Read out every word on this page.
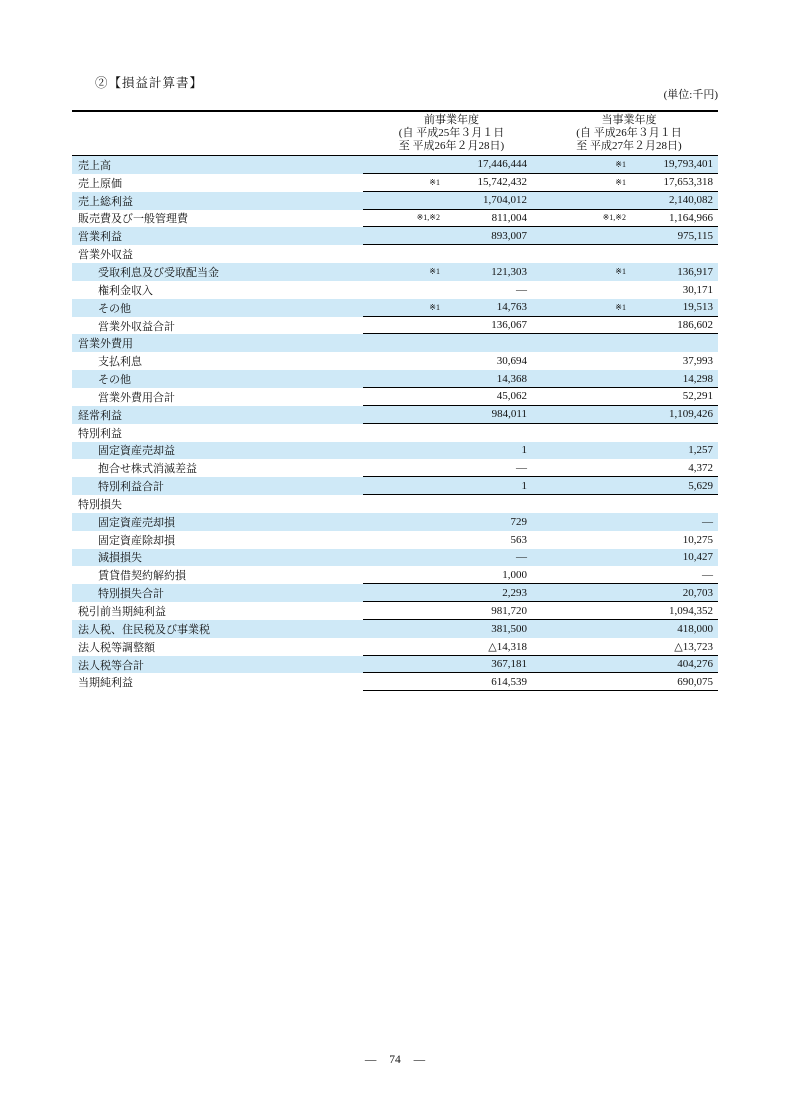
②【損益計算書】
(単位:千円)
前事業年度
(自 平成25年３月１日
至 平成26年２月28日)
当事業年度
(自 平成26年３月１日
至 平成27年２月28日)
売上高	17,446,444	※1	19,793,401
売上原価	※1	15,742,432	※1	17,653,318
売上総利益	1,704,012	2,140,082
販売費及び一般管理費	※1,※2	811,004	※1,※2	1,164,966
営業利益	893,007	975,115
営業外収益
受取利息及び受取配当金	※1	121,303	※1	136,917
権利金収入	—	30,171
その他	※1	14,763	※1	19,513
営業外収益合計	136,067	186,602
営業外費用
支払利息	30,694	37,993
その他	14,368	14,298
営業外費用合計	45,062	52,291
経常利益	984,011	1,109,426
特別利益
固定資産売却益	1	1,257
抱合せ株式消滅差益	—	4,372
特別利益合計	1	5,629
特別損失
固定資産売却損	729	—
固定資産除却損	563	10,275
減損損失	—	10,427
賃貸借契約解約損	1,000	—
特別損失合計	2,293	20,703
税引前当期純利益	981,720	1,094,352
法人税、住民税及び事業税	381,500	418,000
法人税等調整額	△14,318	△13,723
法人税等合計	367,181	404,276
当期純利益	614,539	690,075
— 74 —
